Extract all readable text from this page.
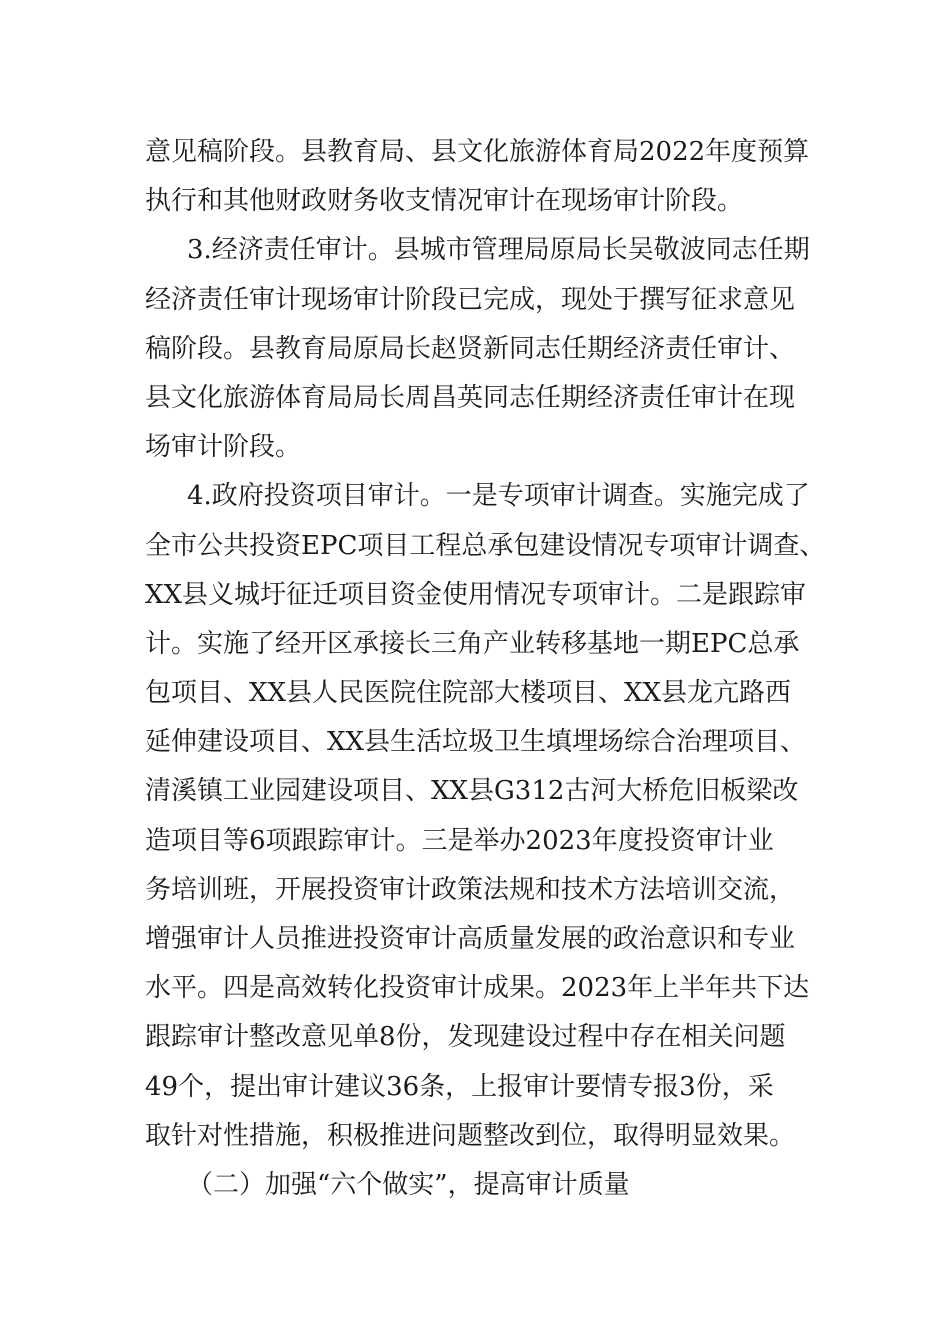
意见稿阶段。县教育局、县文化旅游体育局2022年度预算
执行和其他财政财务收支情况审计在现场审计阶段。
3.经济责任审计。县城市管理局原局长吴敬波同志任期
经济责任审计现场审计阶段已完成，现处于撰写征求意见
稿阶段。县教育局原局长赵贤新同志任期经济责任审计、
县文化旅游体育局局长周昌英同志任期经济责任审计在现
场审计阶段。
4.政府投资项目审计。一是专项审计调查。实施完成了
全市公共投资EPC项目工程总承包建设情况专项审计调查、
XX县义城圩征迁项目资金使用情况专项审计。二是跟踪审
计。实施了经开区承接长三角产业转移基地一期EPC总承
包项目、XX县人民医院住院部大楼项目、XX县龙亢路西
延伸建设项目、XX县生活垃圾卫生填埋场综合治理项目、
清溪镇工业园建设项目、XX县G312古河大桥危旧板梁改
造项目等6项跟踪审计。三是举办2023年度投资审计业
务培训班，开展投资审计政策法规和技术方法培训交流，
增强审计人员推进投资审计高质量发展的政治意识和专业
水平。四是高效转化投资审计成果。2023年上半年共下达
跟踪审计整改意见单8份，发现建设过程中存在相关问题
49个，提出审计建议36条，上报审计要情专报3份，采
取针对性措施，积极推进问题整改到位，取得明显效果。
（二）加强“六个做实”，提高审计质量
